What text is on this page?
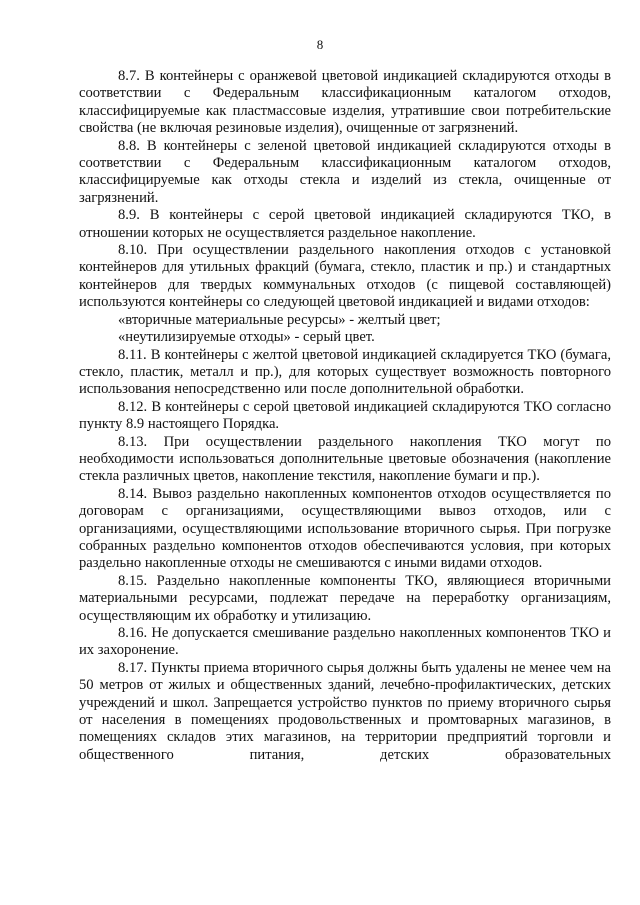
8

8.7. В контейнеры с оранжевой цветовой индикацией складируются отходы в соответствии с Федеральным классификационным каталогом отходов, классифицируемые как пластмассовые изделия, утратившие свои потребительские свойства (не включая резиновые изделия), очищенные от загрязнений.

8.8. В контейнеры с зеленой цветовой индикацией складируются отходы в соответствии с Федеральным классификационным каталогом отходов, классифицируемые как отходы стекла и изделий из стекла, очищенные от загрязнений.

8.9. В контейнеры с серой цветовой индикацией складируются ТКО, в отношении которых не осуществляется раздельное накопление.

8.10. При осуществлении раздельного накопления отходов с установкой контейнеров для утильных фракций (бумага, стекло, пластик и пр.) и стандартных контейнеров для твердых коммунальных отходов (с пищевой составляющей) используются контейнеры со следующей цветовой индикацией и видами отходов:

«вторичные материальные ресурсы» - желтый цвет;

«неутилизируемые отходы» - серый цвет.

8.11. В контейнеры с желтой цветовой индикацией складируется ТКО (бумага, стекло, пластик, металл и пр.), для которых существует возможность повторного использования непосредственно или после дополнительной обработки.

8.12. В контейнеры с серой цветовой индикацией складируются ТКО согласно пункту 8.9 настоящего Порядка.

8.13. При осуществлении раздельного накопления ТКО могут по необходимости использоваться дополнительные цветовые обозначения (накопление стекла различных цветов, накопление текстиля, накопление бумаги и пр.).

8.14. Вывоз раздельно накопленных компонентов отходов осуществляется по договорам с организациями, осуществляющими вывоз отходов, или с организациями, осуществляющими использование вторичного сырья. При погрузке собранных раздельно компонентов отходов обеспечиваются условия, при которых раздельно накопленные отходы не смешиваются с иными видами отходов.

8.15. Раздельно накопленные компоненты ТКО, являющиеся вторичными материальными ресурсами, подлежат передаче на переработку организациям, осуществляющим их обработку и утилизацию.

8.16. Не допускается смешивание раздельно накопленных компонентов ТКО и их захоронение.

8.17. Пункты приема вторичного сырья должны быть удалены не менее чем на 50 метров от жилых и общественных зданий, лечебно-профилактических, детских учреждений и школ. Запрещается устройство пунктов по приему вторичного сырья от населения в помещениях продовольственных и промтоварных магазинов, в помещениях складов этих магазинов, на территории предприятий торговли и общественного питания, детских образовательных
